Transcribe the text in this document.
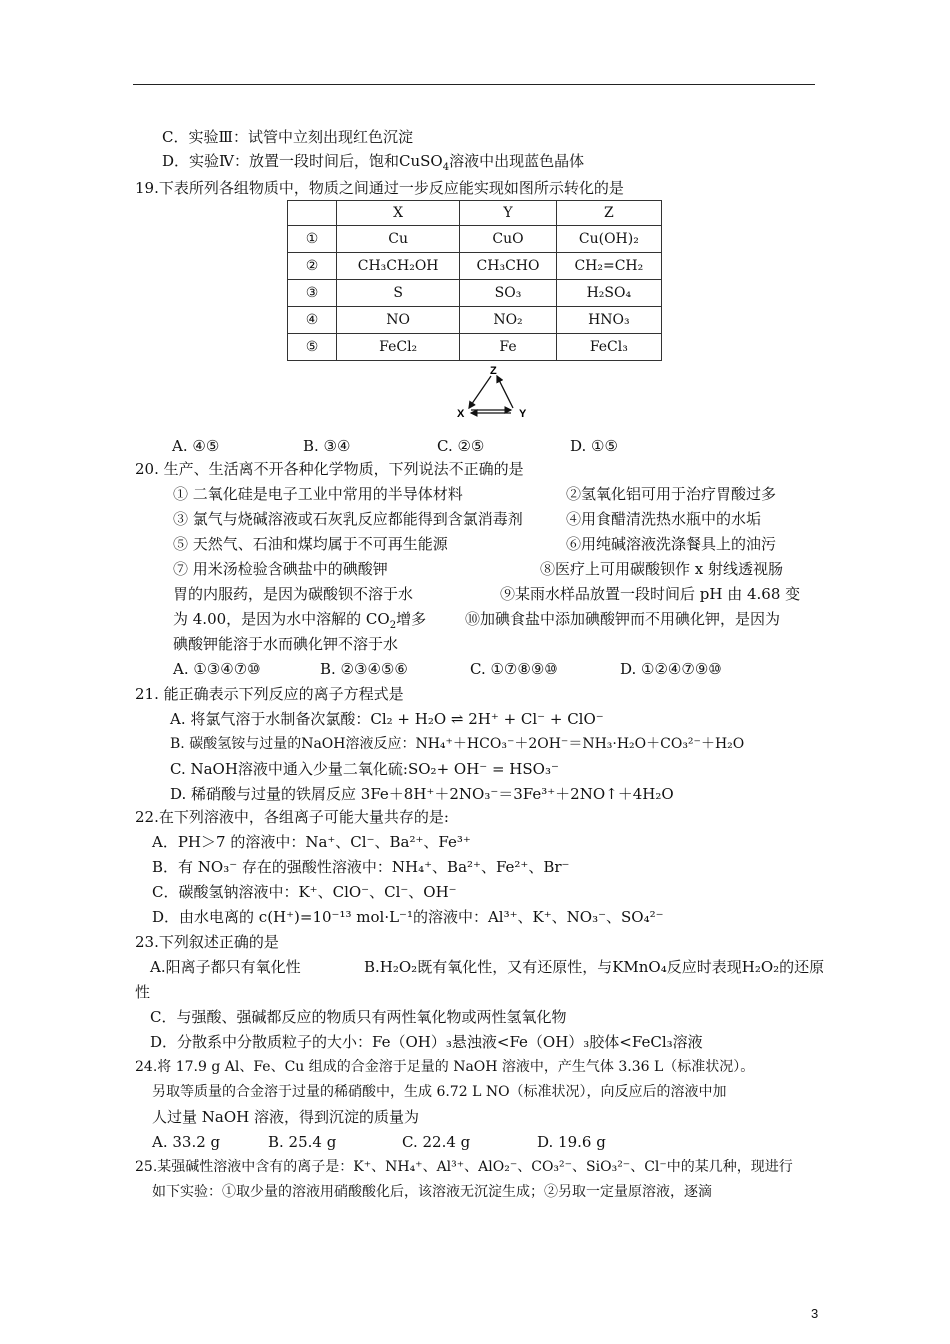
C．实验Ⅲ：试管中立刻出现红色沉淀
D．实验Ⅳ：放置一段时间后，饱和CuSO$_4$溶液中出现蓝色晶体
19.下表所列各组物质中，物质之间通过一步反应能实现如图所示转化的是
	X	Y	Z
①	Cu	CuO	Cu(OH)₂
②	CH₃CH₂OH	CH₃CHO	CH₂=CH₂
③	S	SO₃	H₂SO₄
④	NO	NO₂	HNO₃
⑤	FeCl₂	Fe	FeCl₃
Z
X	Y
A. ④⑤	B. ③④	C. ②⑤	D. ①⑤
20. 生产、生活离不开各种化学物质，下列说法不正确的是
① 二氧化硅是电子工业中常用的半导体材料	②氢氧化铝可用于治疗胃酸过多
③ 氯气与烧碱溶液或石灰乳反应都能得到含氯消毒剂	④用食醋清洗热水瓶中的水垢
⑤ 天然气、石油和煤均属于不可再生能源	⑥用纯碱溶液洗涤餐具上的油污
⑦ 用米汤检验含碘盐中的碘酸钾	⑧医疗上可用碳酸钡作 x 射线透视肠
胃的内服药，是因为碳酸钡不溶于水	⑨某雨水样品放置一段时间后 pH 由 4.68 变
为 4.00，是因为水中溶解的 $CO_2$增多	⑩加碘食盐中添加碘酸钾而不用碘化钾，是因为
碘酸钾能溶于水而碘化钾不溶于水
A. ①③④⑦⑩	B. ②③④⑤⑥	C. ①⑦⑧⑨⑩	D. ①②④⑦⑨⑩
21. 能正确表示下列反应的离子方程式是
A. 将氯气溶于水制备次氯酸：Cl₂ + H₂O ⇌ 2H⁺ + Cl⁻ + ClO⁻
B. 碳酸氢铵与过量的NaOH溶液反应：NH₄⁺＋HCO₃⁻＋2OH⁻＝NH₃·H₂O＋CO₃²⁻＋H₂O
C. NaOH溶液中通入少量二氧化硫:SO₂+ OH⁻ = HSO₃⁻
D. 稀硝酸与过量的铁屑反应 3Fe＋8H⁺＋2NO₃⁻＝3Fe³⁺＋2NO↑＋4H₂O
22.在下列溶液中，各组离子可能大量共存的是:
A．PH＞7 的溶液中：Na⁺、Cl⁻、Ba²⁺、Fe³⁺
B．有 NO₃⁻ 存在的强酸性溶液中：NH₄⁺、Ba²⁺、Fe²⁺、Br⁻
C．碳酸氢钠溶液中：K⁺、ClO⁻、Cl⁻、OH⁻
D．由水电离的 c(H⁺)=10⁻¹³ mol·L⁻¹的溶液中：Al³⁺、K⁺、NO₃⁻、SO₄²⁻
23.下列叙述正确的是
A.阳离子都只有氧化性	B.H₂O₂既有氧化性，又有还原性，与KMnO₄反应时表现H₂O₂的还原
性
C．与强酸、强碱都反应的物质只有两性氧化物或两性氢氧化物
D．分散系中分散质粒子的大小：Fe（OH）₃悬浊液<Fe（OH）₃胶体<FeCl₃溶液
24.将 17.9 g Al、Fe、Cu 组成的合金溶于足量的 NaOH 溶液中，产生气体 3.36 L（标准状况）。
另取等质量的合金溶于过量的稀硝酸中，生成 6.72 L NO（标准状况），向反应后的溶液中加
人过量 NaOH 溶液，得到沉淀的质量为
A. 33.2 g	B. 25.4 g	C. 22.4 g	D. 19.6 g
25.某强碱性溶液中含有的离子是：K⁺、NH₄⁺、Al³⁺、AlO₂⁻、CO₃²⁻、SiO₃²⁻、Cl⁻中的某几种，现进行
如下实验：①取少量的溶液用硝酸酸化后，该溶液无沉淀生成；②另取一定量原溶液，逐滴
3
